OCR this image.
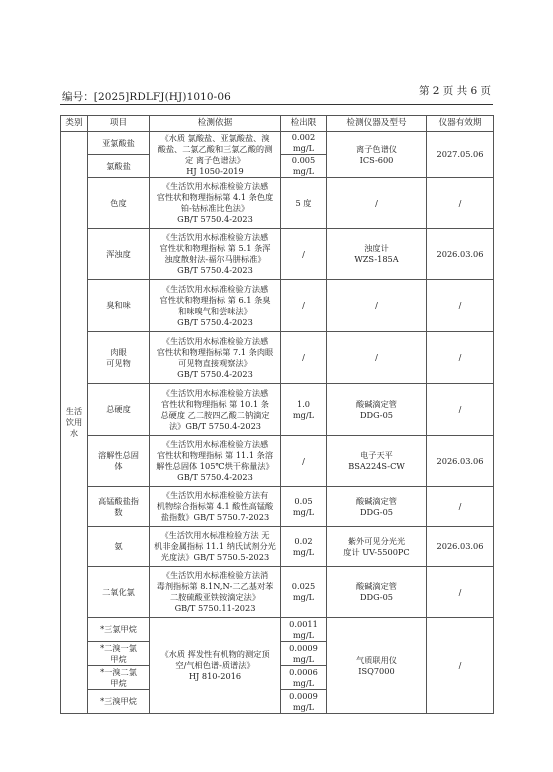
编号：[2025]RDLFJ(HJ)1010-06	第 2 页 共 6 页
类别	项目	检测依据	检出限	检测仪器及型号	仪器有效期

生活
饮用
水	亚氯酸盐	《水质 氯酸盐、亚氯酸盐、溴
酸盐、二氯乙酸和三氯乙酸的测
定 离子色谱法》
HJ 1050-2019	0.002
mg/L	离子色谱仪
ICS-600	2027.05.06
	氯酸盐		0.005
mg/L		

	色度	《生活饮用水标准检验方法感
官性状和物理指标第 4.1 条色度
铂-钴标准比色法》
GB/T 5750.4-2023	5 度	/	/

	浑浊度	《生活饮用水标准检验方法感
官性状和物理指标 第 5.1 条浑
浊度散射法-福尔马肼标准》
GB/T 5750.4-2023	/	浊度计
WZS-185A	2026.03.06

	臭和味	《生活饮用水标准检验方法感
官性状和物理指标 第 6.1 条臭
和味嗅气和尝味法》
GB/T 5750.4-2023	/	/	/

	肉眼
可见物	《生活饮用水标准检验方法感
官性状和物理指标第 7.1 条肉眼
可见物直接观察法》
GB/T 5750.4-2023	/	/	/

	总硬度	《生活饮用水标准检验方法感
官性状和物理指标 第 10.1 条
总硬度 乙二胺四乙酸二钠滴定
法》GB/T 5750.4-2023	1.0
mg/L	酸碱滴定管
DDG-05	/

	溶解性总固
体	《生活饮用水标准检验方法感
官性状和物理指标 第 11.1 条溶
解性总固体 105℃烘干称量法》
GB/T 5750.4-2023	/	电子天平
BSA224S-CW	2026.03.06

	高锰酸盐指
数	《生活饮用水标准检验方法有
机物综合指标第 4.1 酸性高锰酸
盐指数》GB/T 5750.7-2023	0.05
mg/L	酸碱滴定管
DDG-05	/

	氨	《生活饮用水标准检验方法 无
机非金属指标 11.1 纳氏试剂分光
光度法》GB/T 5750.5-2023	0.02
mg/L	紫外可见分光光
度计 UV-5500PC	2026.03.06

	二氧化氯	《生活饮用水标准检验方法消
毒剂指标第 8.1N,N-二乙基对苯
二胺硫酸亚铁铵滴定法》
GB/T 5750.11-2023	0.025
mg/L	酸碱滴定管
DDG-05	/

	*三氯甲烷	《水质 挥发性有机物的测定顶
空/气相色谱-质谱法》
HJ 810-2016	0.0011
mg/L	气质联用仪
ISQ7000	/

	*二溴一氯
甲烷		0.0009
mg/L		

	*一溴二氯
甲烷		0.0006
mg/L		

	*三溴甲烷		0.0009
mg/L		
